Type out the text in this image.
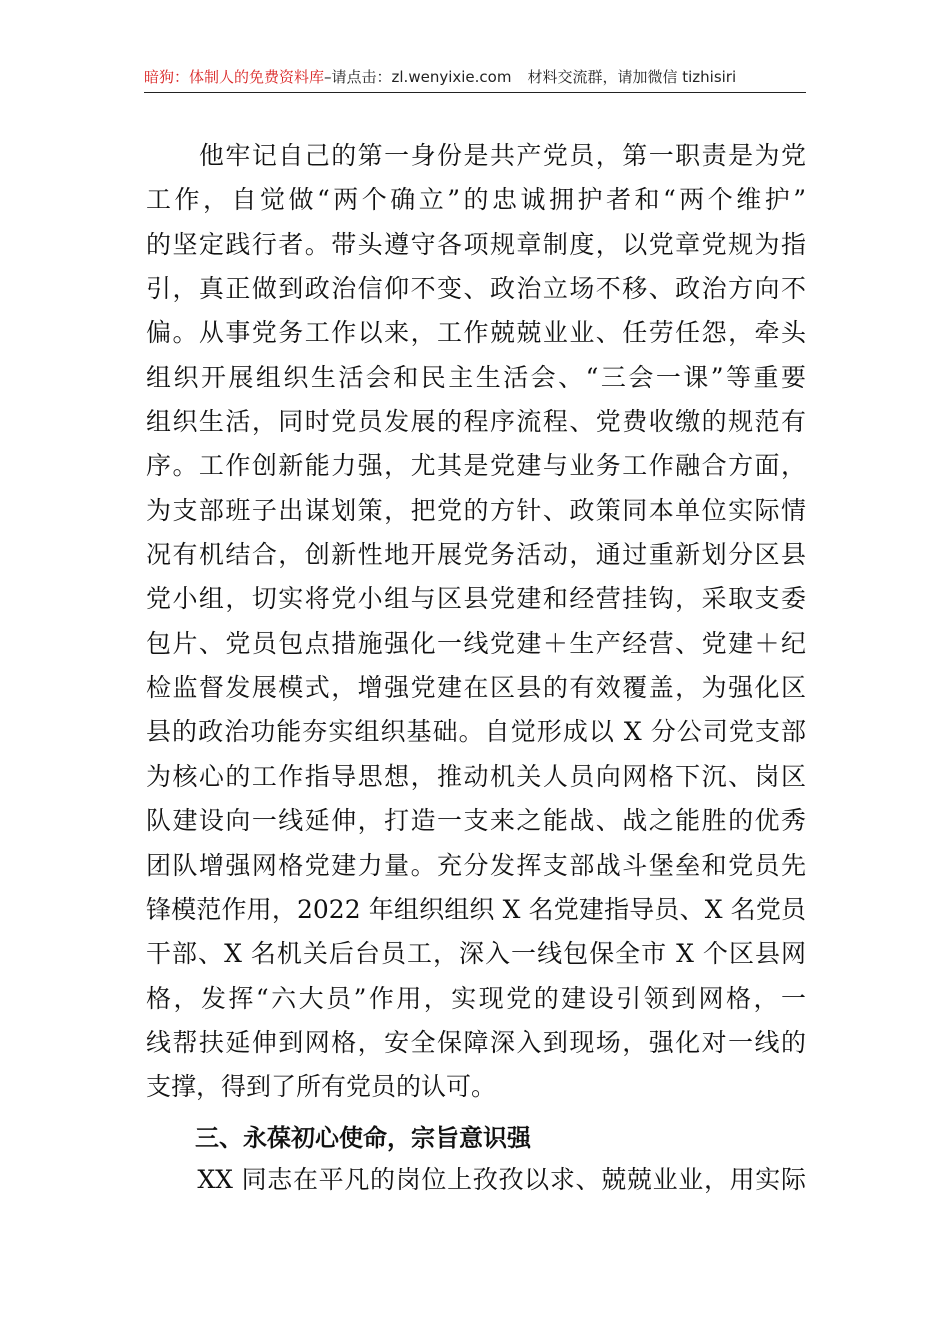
暗狗：体制人的免费资料库–请点击：zl.wenyixie.com 材料交流群，请加微信 tizhisiri
　　他牢记自己的第一身份是共产党员，第一职责是为党
工作，自觉做“两个确立”的忠诚拥护者和“两个维护”
的坚定践行者。带头遵守各项规章制度，以党章党规为指
引，真正做到政治信仰不变、政治立场不移、政治方向不
偏。从事党务工作以来，工作兢兢业业、任劳任怨，牵头
组织开展组织生活会和民主生活会、“三会一课”等重要
组织生活，同时党员发展的程序流程、党费收缴的规范有
序。工作创新能力强，尤其是党建与业务工作融合方面，
为支部班子出谋划策，把党的方针、政策同本单位实际情
况有机结合，创新性地开展党务活动，通过重新划分区县
党小组，切实将党小组与区县党建和经营挂钩，采取支委
包片、党员包点措施强化一线党建＋生产经营、党建＋纪
检监督发展模式，增强党建在区县的有效覆盖，为强化区
县的政治功能夯实组织基础。自觉形成以 X 分公司党支部
为核心的工作指导思想，推动机关人员向网格下沉、岗区
队建设向一线延伸，打造一支来之能战、战之能胜的优秀
团队增强网格党建力量。充分发挥支部战斗堡垒和党员先
锋模范作用，2022 年组织组织 X 名党建指导员、X 名党员
干部、X 名机关后台员工，深入一线包保全市 X 个区县网
格，发挥“六大员”作用，实现党的建设引领到网格，一
线帮扶延伸到网格，安全保障深入到现场，强化对一线的
支撑，得到了所有党员的认可。
三、永葆初心使命，宗旨意识强
　　XX 同志在平凡的岗位上孜孜以求、兢兢业业，用实际
